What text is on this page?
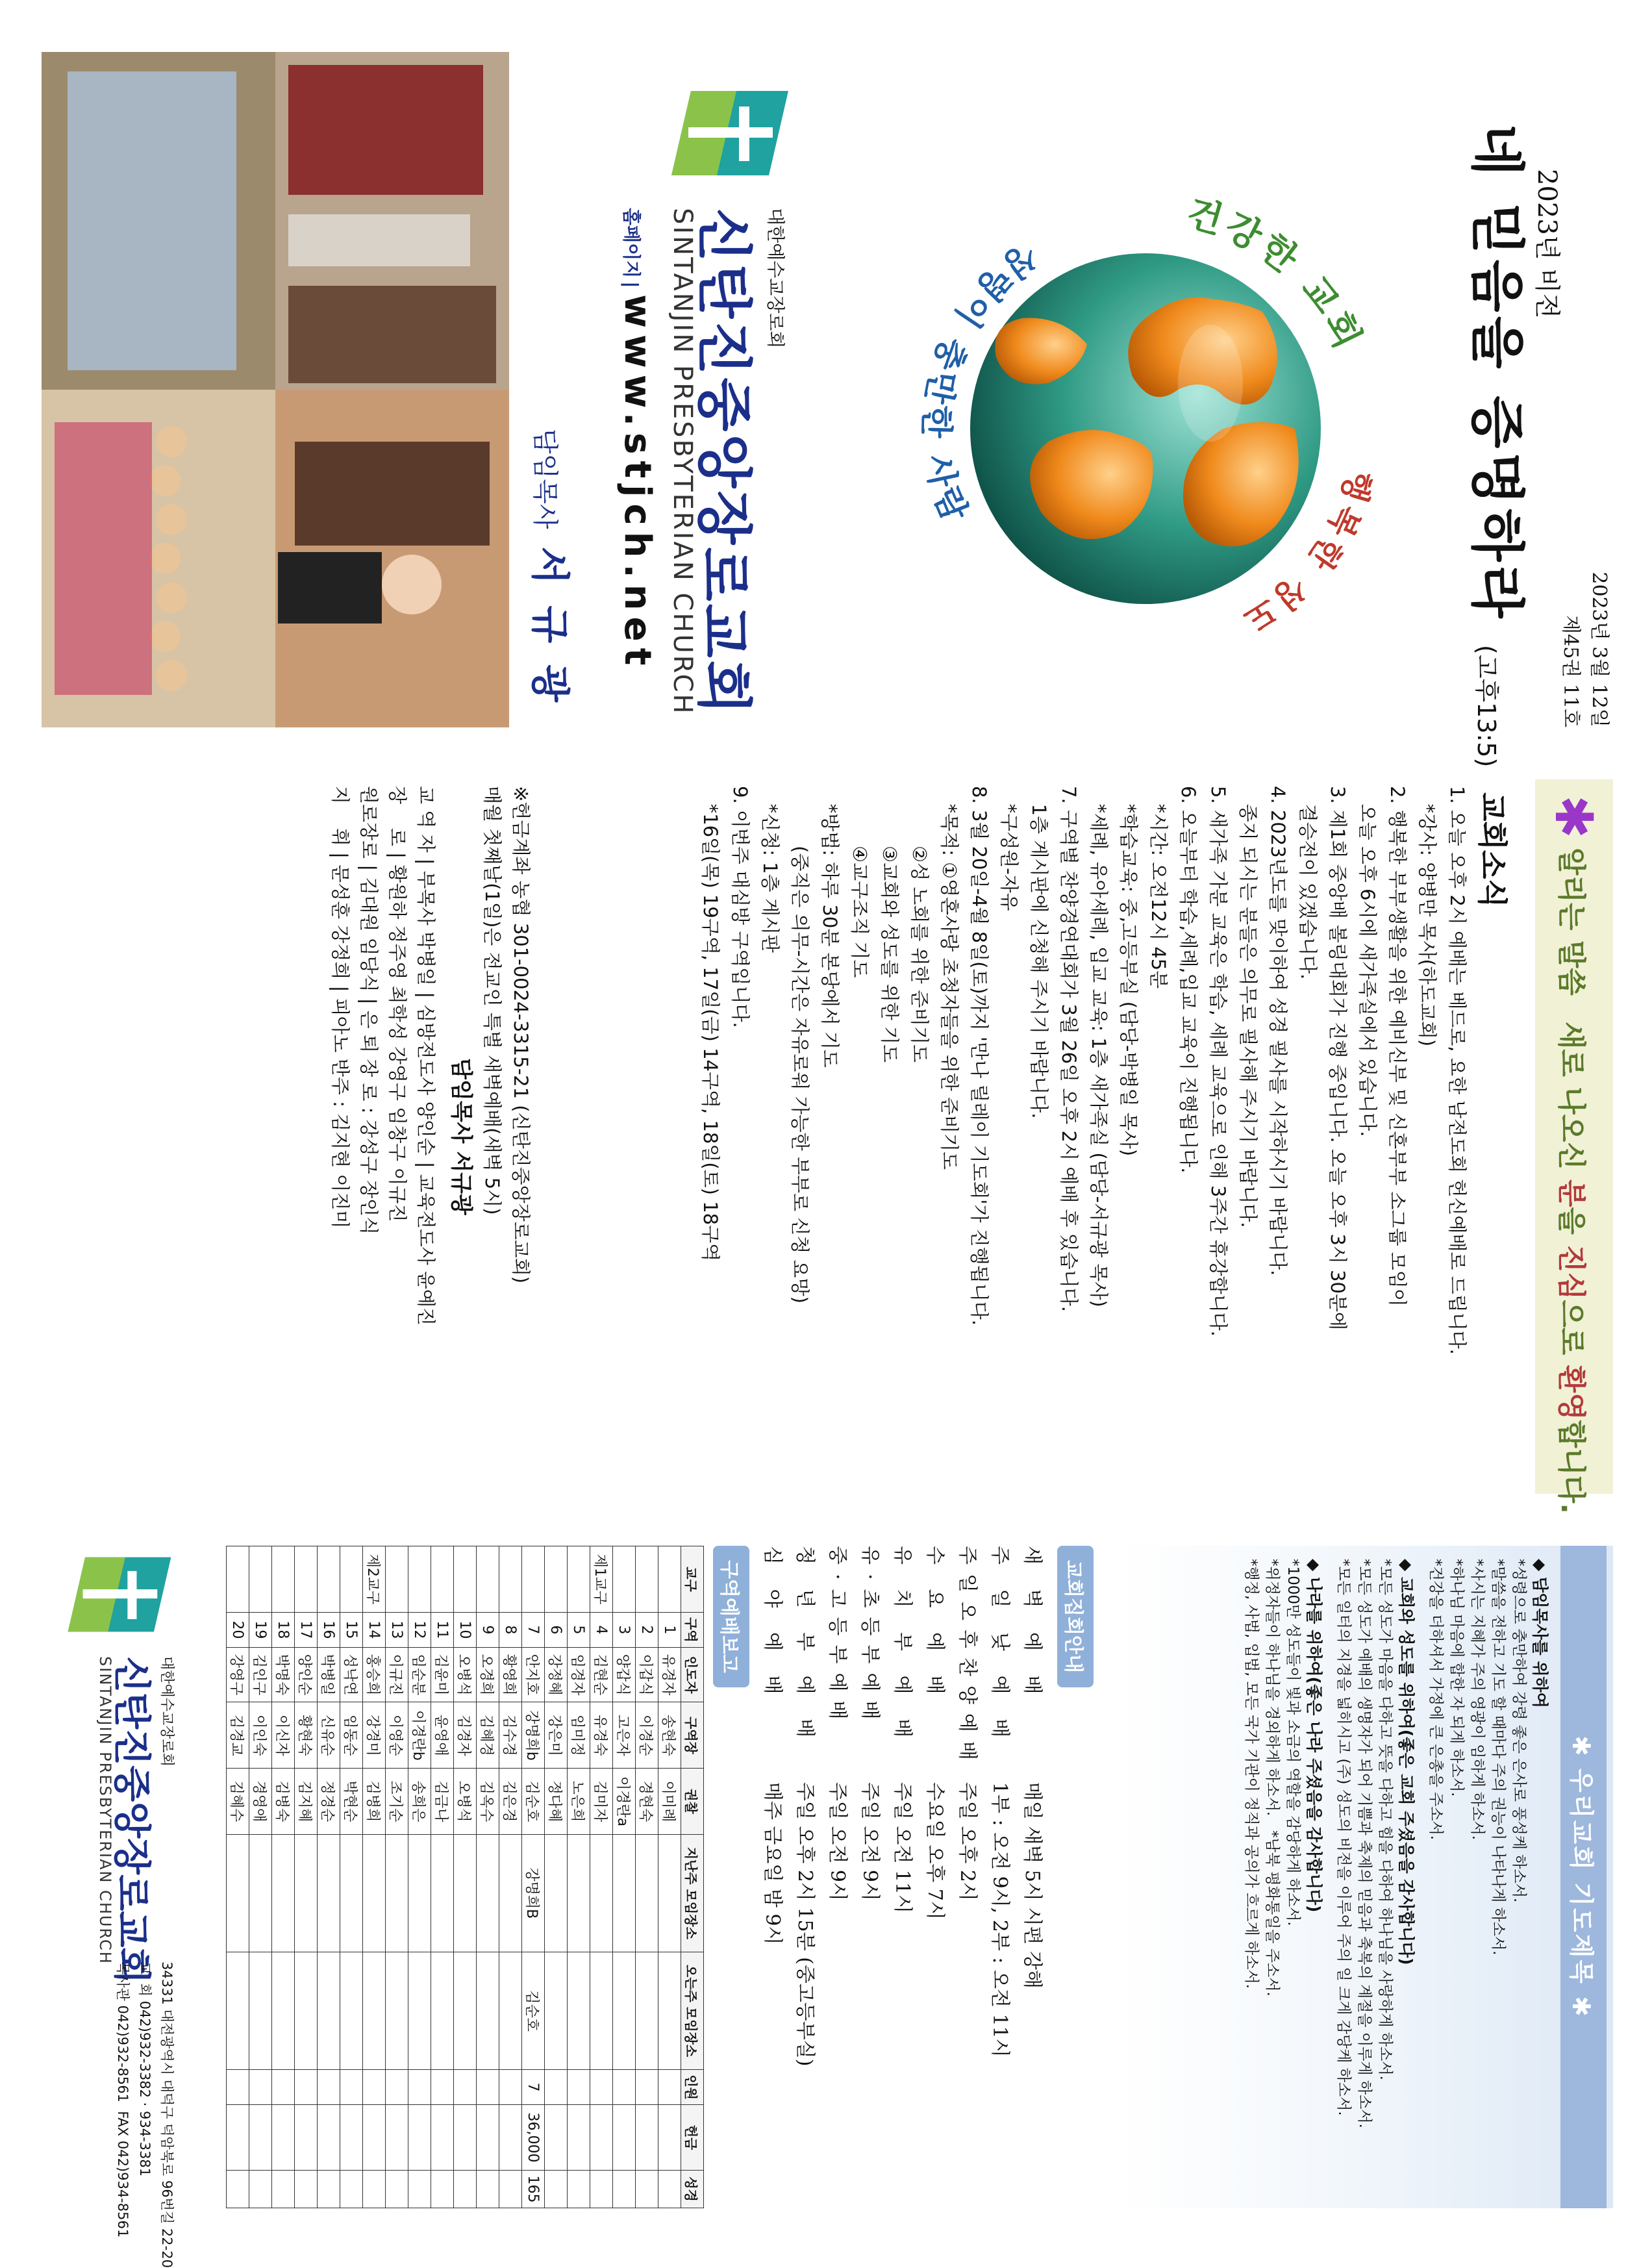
2023년 3월 12일
제45권 11호
2023년 비전
네 믿음을 증명하라 (고후13:5)
건강한 교회
행복한 성도
성령이 충만한 사람
대한예수교장로회
신탄진중앙장로교회
SINTANJIN PRESBYTERIAN CHURCH
홈페이지 | www.stjch.net
담임목사 서 규 광
✱
알리는 말씀
새로 나오신 분을 진심으로 환영합니다.
교회소식

1. 오늘 오후 2시 예배는 베드로, 요한 남전도회 헌신예배로 드립니다.

*강사: 양병만 목사(하도교회)

2. 행복한 부부생활을 위한 예비신부 및 신혼부부 소그룹 모임이

오늘 오후 6시에 새가족실에서 있습니다.

3. 제1회 중앙배 볼링대회가 진행 중입니다. 오늘 오후 3시 30분에

결승전이 있겠습니다.

4. 2023년도를 맞이하여 성경 필사를 시작하시기 바랍니다.

종지 되시는 분들은 의무로 필사해 주시기 바랍니다.

5. 새가족 가분 교육은 학습, 세례 교육으로 인해 3주간 휴강합니다.

6. 오늘부터 학습,세례,입교 교육이 진행됩니다.

*시간: 오전12시 45분

*학습교육: 중,고등부실 (담당-박병일 목사)

*세례, 유아세례, 입교 교육: 1층 새가족실 (담당-서규광 목사)

7. 구역별 찬양경연대회가 3월 26일 오후 2시 예배 후 있습니다.

1층 게시판에 신청해 주시기 바랍니다.

*구성원-자유

8. 3월 20일-4월 8일(토)까지 '만나 릴레이 기도회'가 진행됩니다.

*목적: ①영혼사랑 초청자들을 위한 준비기도

②성 노회를 위한 준비기도

③교회와 성도를 위한 기도

④교구조직 기도

*방법: 하루 30분 본당에서 기도

(중직은 의무-시간은 자유로워 가능한 부부로 신청 요망)

*신청: 1층 게시판

9. 이번주 대심방 구역입니다.

*16일(목) 19구역, 17일(금) 14구역, 18일(토) 18구역

※헌금계좌 농협 301-0024-3315-21 (신탄진중앙장로교회)
매월 첫째날(1일)은 전교인 특별 새벽예배(새벽 5시)
담임목사 서규광
교 역 자 | 부목사 박병일 | 심방전도사 양인순 | 교육전도사 윤예진
장    로 | 황원하 정주영 최학성 강영구 임창구 이규진
원로장로 | 김대원 임당식 | 은 퇴 장 로 : 강성구 장인식
지    휘 | 문성훈 강정희 | 피아노 반주 : 김지현 이진미
✱ 우리교회 기도제목 ✱
◆ 담임목사를 위하여
*성령으로 충만하여 강령 좋은 은사로 풍성케 하소서.
*말씀을 전하고 기도 할 때마다 주의 권능이 나타나게 하소서.
*사시는 지혜가 주의 영광이 임하게 하소서.
*하나님 마음에 합한 자 되게 하소서.
*건강을 더하셔서 가정에 큰 은총을 주소서.
◆ 교회와 성도를 위하여(좋은 교회 주셨음을 감사합니다)
*모든 성도가 마음을 다하고 뜻을 다하고 힘을 다하여 하나님을 사랑하게 하소서.
*모든 성도가 예배의 생명자가 되어 기쁨과 축제의 믿음과 축복의 계절을 이루게 하소서.
*모든 일터의 지경을 넓히시고 (주) 성도의 비전을 이루어 주의 일 크게 감당케 하소서.
◆ 나라를 위하여(좋은 나라 주셨음을 감사합니다)
*1000만 성도들이 빛과 소금의 역할을 감당하게 하소서.
*위정자들이 하나님을 경외하게 하소서.   *남북 평화통일을 주소서.
*행정, 사법, 입법, 모든 국가 기관이 정직과 공의가 흐르게 하소서.
교회집회안내
새 벽 예 배	매일 새벽 5시 시편 강해
주 일 낮 예 배	1부 : 오전 9시, 2부 : 오전 11시
주일오후찬양예배	주일 오후 2시
수 요 예 배	수요일 오후 7시
유 치 부 예 배	주일 오전 11시
유·초등부예배	주일 오전 9시
중·고등부예배	주일 오전 9시
청 년 부 예 배	주일 오후 2시 15분 (중고등부실)
심 야 예 배	매주 금요일 밤 9시
구역예배보고
교구	구역	인도자	구역장	권찰	지난주 모임장소	오는주 모임장소	인원	헌금	성경
	1	유경자	송현숙	이미례					
	2	이갑식	이경순	경현숙					
	3	양갑식	고은자	이경란a					
제1교구	4	김현순	유경숙	김미자					
	5	임경자	임미정	노은희					
	6	강정혜	강은미	정다혜					
	7	안지호	강명희b	김순호	강명희B	김순호	7	36,000	165
	8	황영희	김수경	김은경					
	9	오경희	김혜경	김옥수					
	10	오병석	김경자	오병석					
	11	김윤미	윤영애	김금나					
	12	임순분	이경란b	송희은					
	13	이규진	이영순	조기순					
제2교구	14	홍승희	강경미	김병희					
	15	성낙연	임동순	박현순					
	16	박병일	신유순	정경순					
	17	양인순	황현숙	김지혜					
	18	박명숙	이신자	김병숙					
	19	김인구	이인숙	경영애					
	20	강영구	김경교	김혜수					
대한예수교장로회
신탄진중앙장로교회
SINTANJIN PRESBYTERIAN CHURCH
34331 대전광역시 대덕구 덕암북로 96번길 22-20
교  회 042)932-3382 · 934-3381
목사관 042)932-8561  FAX 042)934-8561
